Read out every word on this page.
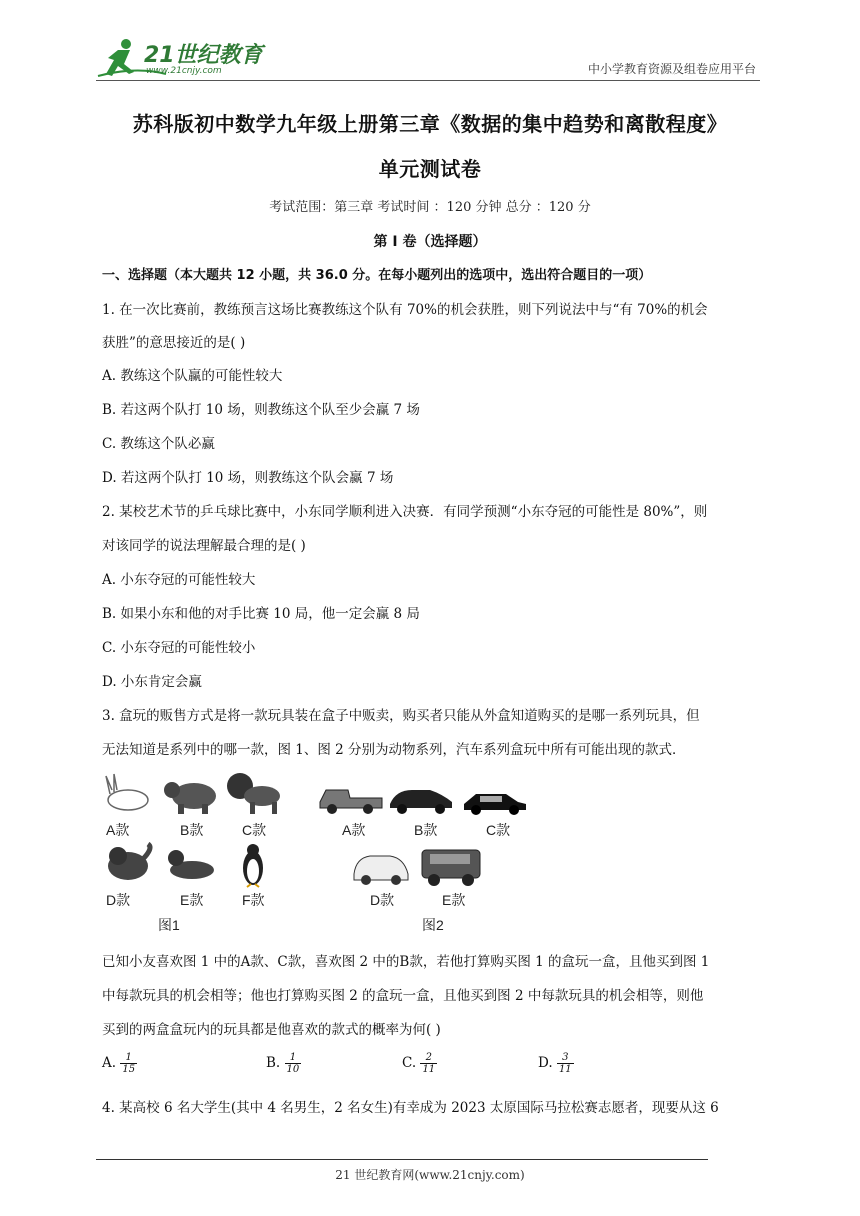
21世纪教育
www.21cnjy.com	中小学教育资源及组卷应用平台
苏科版初中数学九年级上册第三章《数据的集中趋势和离散程度》
单元测试卷
考试范围：第三章 考试时间 ：120 分钟 总分 ：120 分
第 I 卷（选择题）
一、选择题（本大题共 12 小题，共 36.0 分。在每小题列出的选项中，选出符合题目的一项）
1. 在一次比赛前，教练预言这场比赛教练这个队有 70%的机会获胜，则下列说法中与“有 70%的机会
获胜”的意思接近的是( )
A. 教练这个队赢的可能性较大
B. 若这两个队打 10 场，则教练这个队至少会赢 7 场
C. 教练这个队必赢
D. 若这两个队打 10 场，则教练这个队会赢 7 场
2. 某校艺术节的乒乓球比赛中，小东同学顺利进入决赛．有同学预测“小东夺冠的可能性是 80%”，则
对该同学的说法理解最合理的是( )
A. 小东夺冠的可能性较大
B. 如果小东和他的对手比赛 10 局，他一定会赢 8 局
C. 小东夺冠的可能性较小
D. 小东肯定会赢
3. 盒玩的贩售方式是将一款玩具装在盒子中贩卖，购买者只能从外盒知道购买的是哪一系列玩具，但
无法知道是系列中的哪一款，图 1、图 2 分别为动物系列，汽车系列盒玩中所有可能出现的款式．
A款	B款	C款
D款	E款	F款
图1
A款	B款	C款
D款	E款
图2
已知小友喜欢图 1 中的A款、C款，喜欢图 2 中的B款，若他打算购买图 1 的盒玩一盒，且他买到图 1
中每款玩具的机会相等；他也打算购买图 2 的盒玩一盒，且他买到图 2 中每款玩具的机会相等，则他
买到的两盒盒玩内的玩具都是他喜欢的款式的概率为何( )
A. $\frac{1}{15}$	B. $\frac{1}{10}$	C. $\frac{2}{11}$	D. $\frac{3}{11}$
4. 某高校 6 名大学生(其中 4 名男生，2 名女生)有幸成为 2023 太原国际马拉松赛志愿者，现要从这 6
21 世纪教育网(www.21cnjy.com)
